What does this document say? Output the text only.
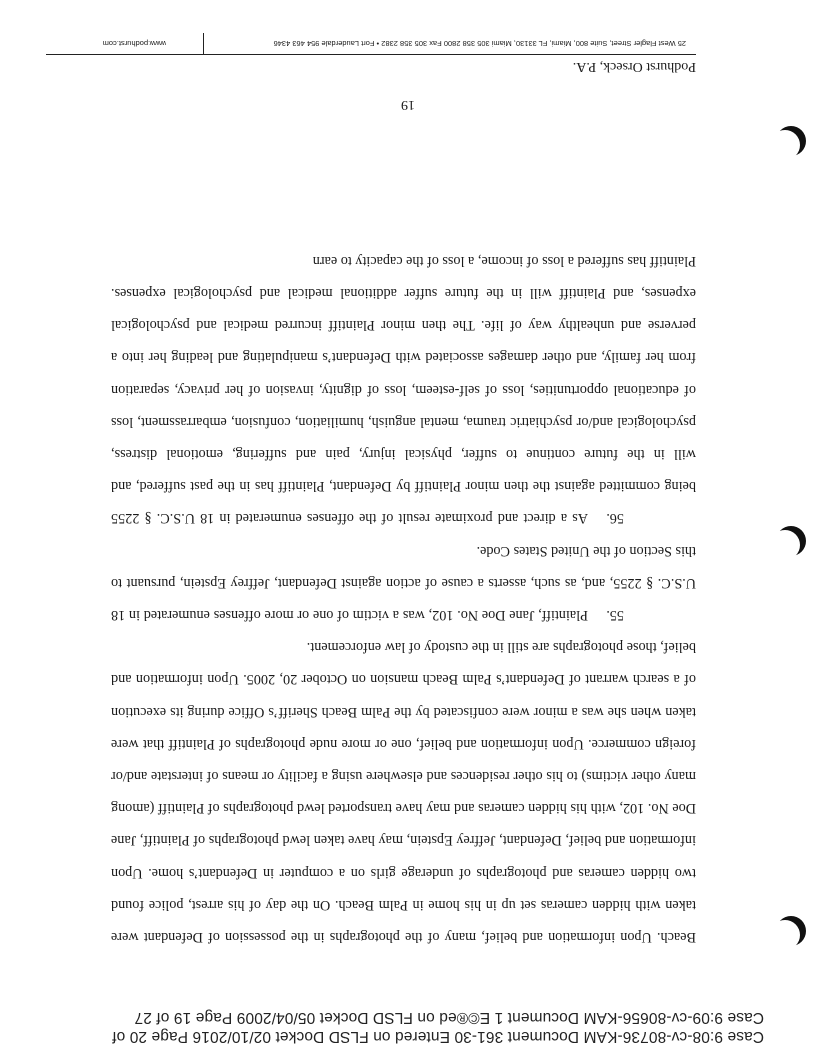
Case 9:08-cv-80736-KAM Document 361-30 Entered on FLSD Docket 02/10/2016 Page 20 of
Case 9:09-cv-80656-KAM Document 1 E©®ed on FLSD Docket 05/04/2009 Page 19 of 27

Beach. Upon information and belief, many of the photographs in the possession of Defendant were taken with hidden cameras set up in his home in Palm Beach. On the day of his arrest, police found two hidden cameras and photographs of underage girls on a computer in Defendant’s home. Upon information and belief, Defendant, Jeffrey Epstein, may have taken lewd photographs of Plaintiff, Jane Doe No. 102, with his hidden cameras and may have transported lewd photographs of Plaintiff (among many other victims) to his other residences and elsewhere using a facility or means of interstate and/or foreign commerce. Upon information and belief, one or more nude photographs of Plaintiff that were taken when she was a minor were confiscated by the Palm Beach Sheriff’s Office during its execution of a search warrant of Defendant’s Palm Beach mansion on October 20, 2005. Upon information and belief, those photographs are still in the custody of law enforcement.

55.Plaintiff, Jane Doe No. 102, was a victim of one or more offenses enumerated in 18 U.S.C. § 2255, and, as such, asserts a cause of action against Defendant, Jeffrey Epstein, pursuant to this Section of the United States Code.

56.As a direct and proximate result of the offenses enumerated in 18 U.S.C. § 2255 being committed against the then minor Plaintiff by Defendant, Plaintiff has in the past suffered, and will in the future continue to suffer, physical injury, pain and suffering, emotional distress, psychological and/or psychiatric trauma, mental anguish, humiliation, confusion, embarrassment, loss of educational opportunities, loss of self-esteem, loss of dignity, invasion of her privacy, separation from her family, and other damages associated with Defendant’s manipulating and leading her into a perverse and unhealthy way of life. The then minor Plaintiff incurred medical and psychological expenses, and Plaintiff will in the future suffer additional medical and psychological expenses. Plaintiff has suffered a loss of income, a loss of the capacity to earn

19
Podhurst Orseck, P.A.
25 West Flagler Street, Suite 800, Miami, FL 33130, Miami 305 358 2800 Fax 305 358 2382 • Fort Lauderdale 954 463 4346
www.podhurst.com
